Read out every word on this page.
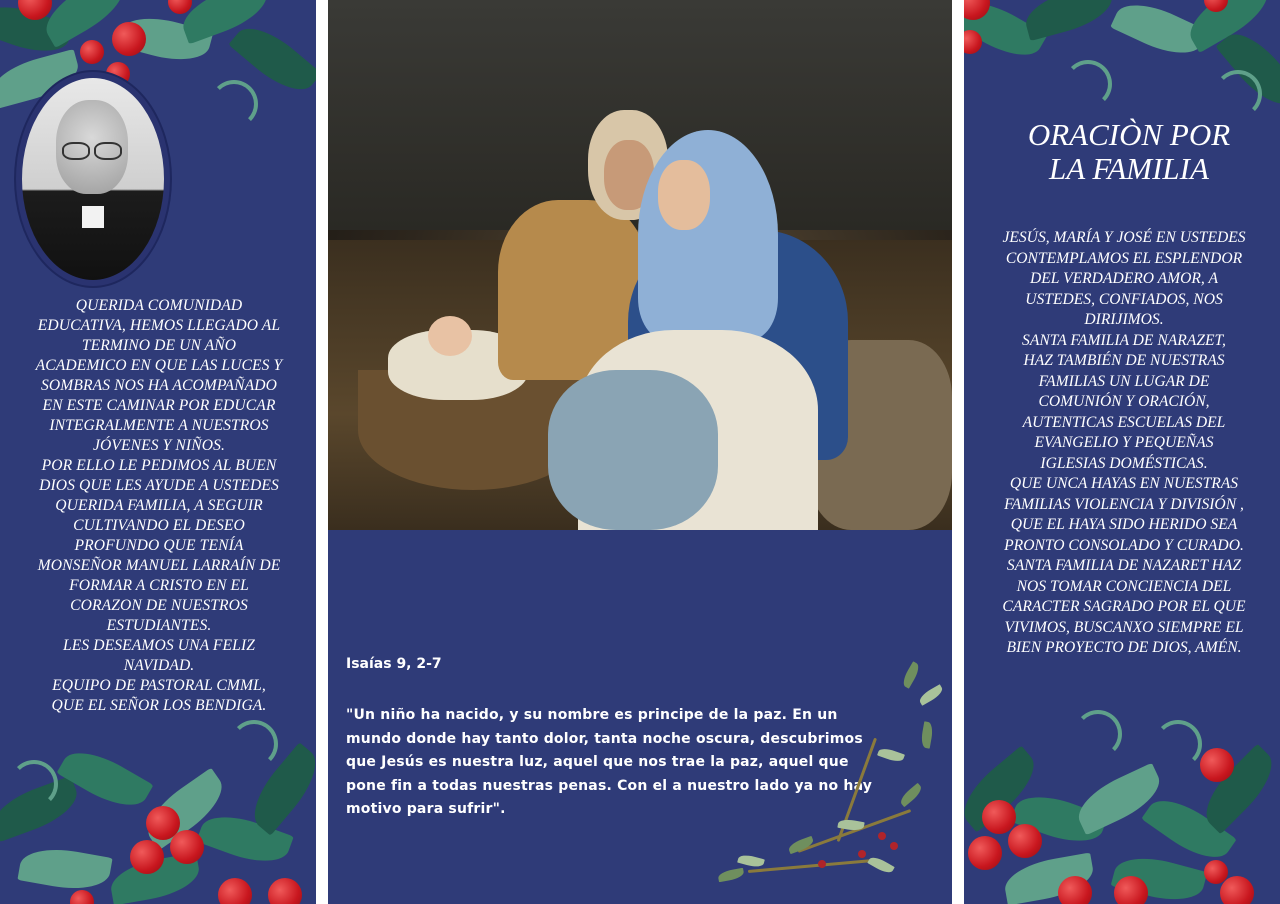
QUERIDA COMUNIDAD
EDUCATIVA, HEMOS LLEGADO AL
TERMINO DE UN AÑO
ACADEMICO EN QUE LAS LUCES Y
SOMBRAS NOS HA ACOMPAÑADO
EN ESTE CAMINAR POR EDUCAR
INTEGRALMENTE A NUESTROS
JÓVENES Y NIÑOS.
POR ELLO LE PEDIMOS AL BUEN
DIOS QUE LES AYUDE A USTEDES
QUERIDA FAMILIA, A SEGUIR
CULTIVANDO EL DESEO
PROFUNDO QUE TENÍA
MONSEÑOR MANUEL LARRAÍN DE
FORMAR A CRISTO EN EL
CORAZON DE NUESTROS
ESTUDIANTES.
LES DESEAMOS UNA FELIZ
NAVIDAD.
EQUIPO DE PASTORAL CMML,
QUE EL SEÑOR LOS BENDIGA.
Isaías 9, 2-7
"Un niño ha nacido, y su nombre es principe de la paz. En un mundo donde hay tanto dolor, tanta noche oscura, descubrimos que Jesús es nuestra luz, aquel que nos trae la paz, aquel que pone fin a todas nuestras penas. Con el a nuestro lado ya no hay motivo para sufrir".
ORACIÒN POR
LA FAMILIA
JESÚS, MARÍA Y JOSÉ EN USTEDES
CONTEMPLAMOS EL ESPLENDOR
DEL VERDADERO AMOR, A
USTEDES, CONFIADOS, NOS
DIRIJIMOS.
SANTA FAMILIA DE NARAZET,
HAZ TAMBIÉN DE NUESTRAS
FAMILIAS UN LUGAR DE
COMUNIÓN Y ORACIÓN,
AUTENTICAS ESCUELAS DEL
EVANGELIO Y PEQUEÑAS
IGLESIAS DOMÉSTICAS.
QUE UNCA HAYAS EN NUESTRAS
FAMILIAS VIOLENCIA Y DIVISIÓN ,
QUE EL HAYA SIDO HERIDO SEA
PRONTO CONSOLADO Y CURADO.
SANTA FAMILIA DE NAZARET HAZ
NOS TOMAR CONCIENCIA DEL
CARACTER SAGRADO POR EL QUE
VIVIMOS, BUSCANXO SIEMPRE EL
BIEN PROYECTO DE DIOS, AMÉN.
